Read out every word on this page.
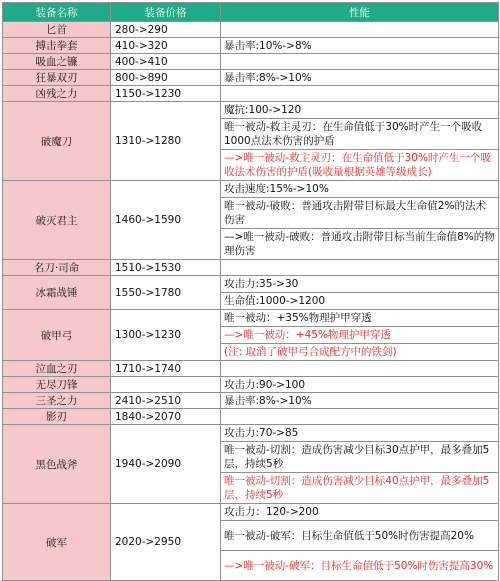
装备名称	装备价格	性能
匕首	280->290	
搏击拳套	410->320	暴击率:10%->8%
吸血之镰	400->410	
狂暴双刃	800->890	暴击率:8%->10%
凶残之力	1150->1230	
破魔刀	1310->1280	魔抗:100->120
		唯一被动-救主灵刃：在生命值低于30%时产生一个吸收1000点法术伤害的护盾
		—>唯一被动-救主灵刃：在生命值低于30%时产生一个吸收法术伤害的护盾(吸收量根据英雄等级成长)
破灭君主	1460->1590	攻击速度:15%->10%
		唯一被动-破败：普通攻击附带目标最大生命值2%的法术伤害
		—>唯一被动-破败：普通攻击附带目标当前生命值8%的物理伤害
名刀·司命	1510->1530	
冰霜战锤	1550->1780	攻击力:35->30
		生命值:1000->1200
破甲弓	1300->1230	唯一被动：+35%物理护甲穿透
		—>唯一被动：+45%物理护甲穿透
		(注: 取消了破甲弓合成配方中的铁剑)
泣血之刃	1710->1740	
无尽刀锋		攻击力:90->100
三圣之力	2410->2510	暴击率:8%->10%
影刃	1840->2070	
黑色战斧	1940->2090	攻击力:70->85
		唯一被动-切割：造成伤害减少目标30点护甲，最多叠加5层，持续5秒
		唯一被动-切割：造成伤害减少目标40点护甲，最多叠加5层，持续5秒
破军	2020->2950	攻击力：120->200
		唯一被动-破军：目标生命值低于50%时伤害提高20%
		—>唯一被动-破军：目标生命值低于50%时伤害提高30%
